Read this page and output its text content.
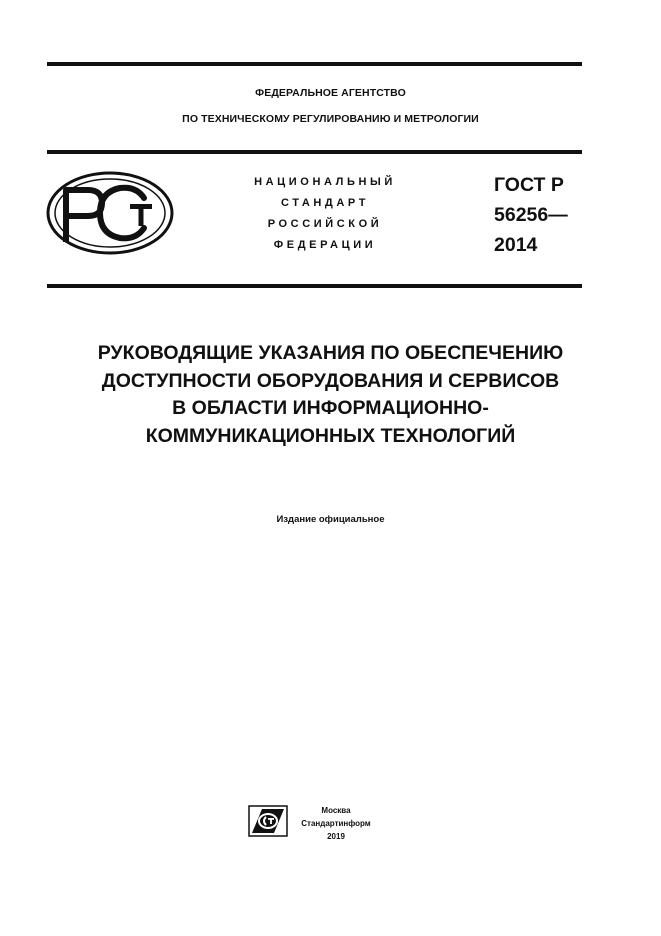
ФЕДЕРАЛЬНОЕ АГЕНТСТВО
ПО ТЕХНИЧЕСКОМУ РЕГУЛИРОВАНИЮ И МЕТРОЛОГИИ
НАЦИОНАЛЬНЫЙ
СТАНДАРТ
РОССИЙСКОЙ
ФЕДЕРАЦИИ
ГОСТ Р
56256—
2014
РУКОВОДЯЩИЕ УКАЗАНИЯ ПО ОБЕСПЕЧЕНИЮ
ДОСТУПНОСТИ ОБОРУДОВАНИЯ И СЕРВИСОВ
В ОБЛАСТИ ИНФОРМАЦИОННО-
КОММУНИКАЦИОННЫХ ТЕХНОЛОГИЙ
Издание официальное
Москва
Стандартинформ
2019
